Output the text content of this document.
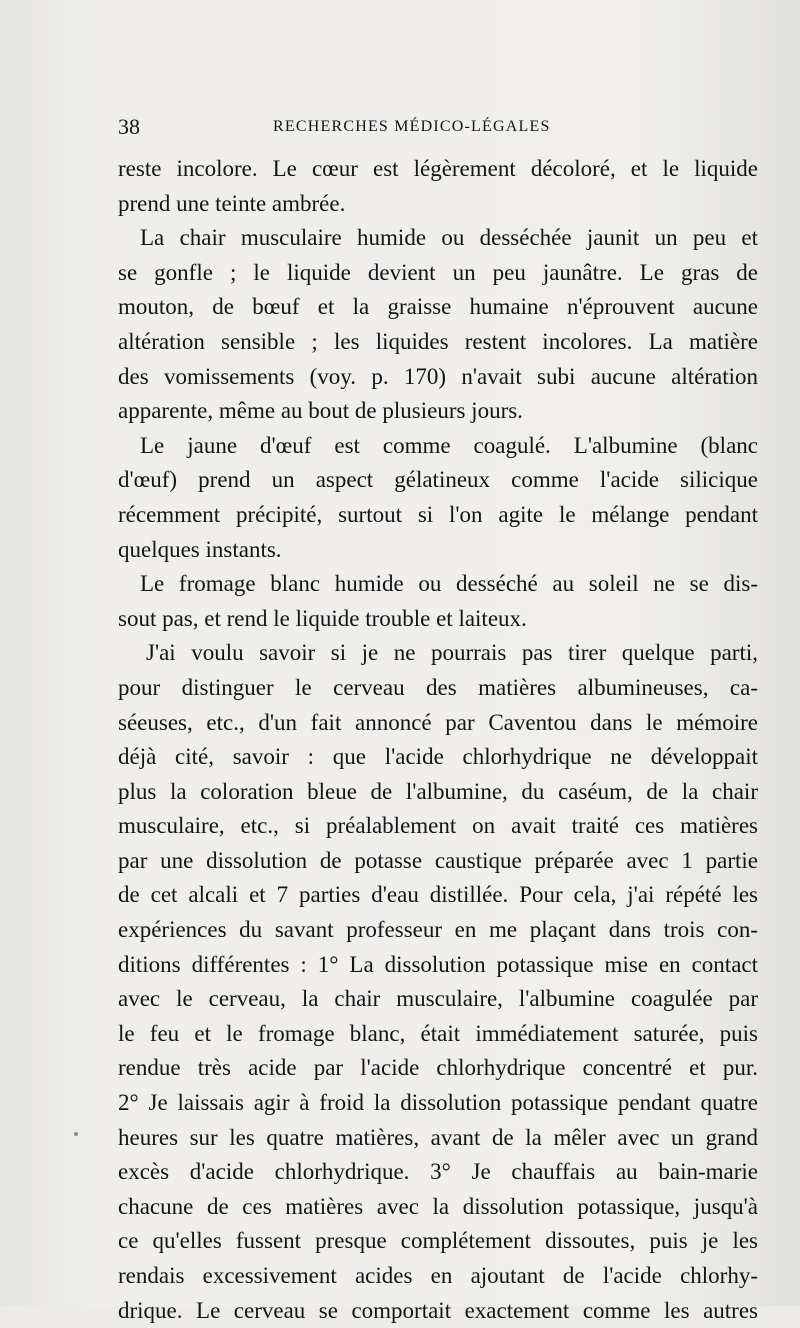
38	RECHERCHES MÉDICO-LÉGALES
reste incolore. Le cœur est légèrement décoloré, et le liquide
prend une teinte ambrée.
La chair musculaire humide ou desséchée jaunit un peu et
se gonfle ; le liquide devient un peu jaunâtre. Le gras de
mouton, de bœuf et la graisse humaine n'éprouvent aucune
altération sensible ; les liquides restent incolores. La matière
des vomissements (voy. p. 170) n'avait subi aucune altération
apparente, même au bout de plusieurs jours.
Le jaune d'œuf est comme coagulé. L'albumine (blanc
d'œuf) prend un aspect gélatineux comme l'acide silicique
récemment précipité, surtout si l'on agite le mélange pendant
quelques instants.
Le fromage blanc humide ou desséché au soleil ne se dis-
sout pas, et rend le liquide trouble et laiteux.
J'ai voulu savoir si je ne pourrais pas tirer quelque parti,
pour distinguer le cerveau des matières albumineuses, ca-
séeuses, etc., d'un fait annoncé par Caventou dans le mémoire
déjà cité, savoir : que l'acide chlorhydrique ne développait
plus la coloration bleue de l'albumine, du caséum, de la chair
musculaire, etc., si préalablement on avait traité ces matières
par une dissolution de potasse caustique préparée avec 1 partie
de cet alcali et 7 parties d'eau distillée. Pour cela, j'ai répété les
expériences du savant professeur en me plaçant dans trois con-
ditions différentes : 1° La dissolution potassique mise en contact
avec le cerveau, la chair musculaire, l'albumine coagulée par
le feu et le fromage blanc, était immédiatement saturée, puis
rendue très acide par l'acide chlorhydrique concentré et pur.
2° Je laissais agir à froid la dissolution potassique pendant quatre
heures sur les quatre matières, avant de la mêler avec un grand
excès d'acide chlorhydrique. 3° Je chauffais au bain-marie
chacune de ces matières avec la dissolution potassique, jusqu'à
ce qu'elles fussent presque complétement dissoutes, puis je les
rendais excessivement acides en ajoutant de l'acide chlorhy-
drique. Le cerveau se comportait exactement comme les autres
